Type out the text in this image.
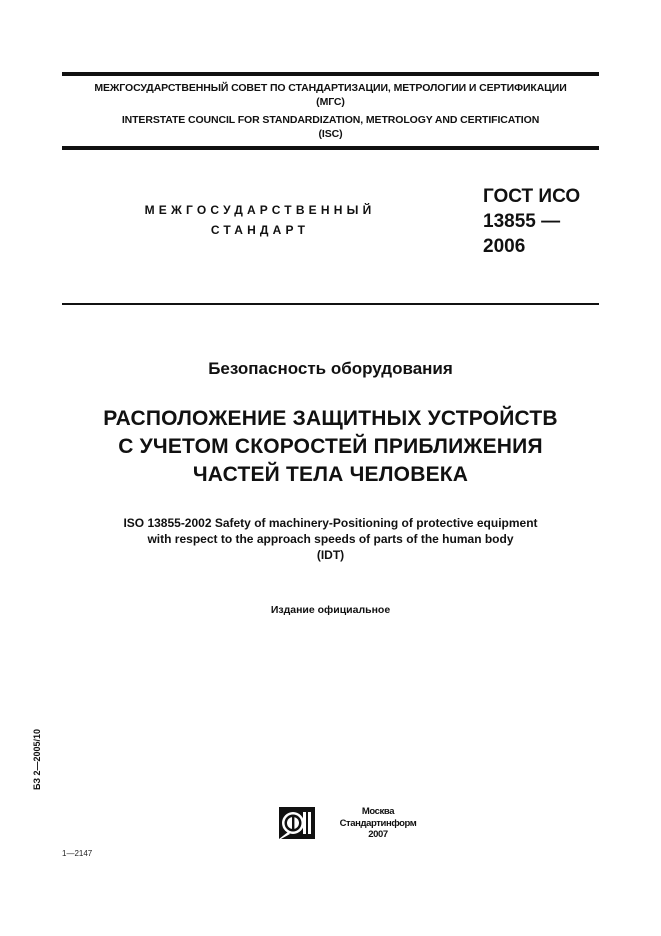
МЕЖГОСУДАРСТВЕННЫЙ СОВЕТ ПО СТАНДАРТИЗАЦИИ, МЕТРОЛОГИИ И СЕРТИФИКАЦИИ
(МГС)
INTERSTATE COUNCIL FOR STANDARDIZATION, METROLOGY AND CERTIFICATION
(ISC)
МЕЖГОСУДАРСТВЕННЫЙ
СТАНДАРТ
ГОСТ ИСО
13855 —
2006
Безопасность оборудования
РАСПОЛОЖЕНИЕ ЗАЩИТНЫХ УСТРОЙСТВ
С УЧЕТОМ СКОРОСТЕЙ ПРИБЛИЖЕНИЯ
ЧАСТЕЙ ТЕЛА ЧЕЛОВЕКА
ISO 13855-2002 Safety of machinery-Positioning of protective equipment
with respect to the approach speeds of parts of the human body
(IDT)
Издание официальное
БЗ 2—2005/10
Москва
Стандартинформ
2007
1—2147
